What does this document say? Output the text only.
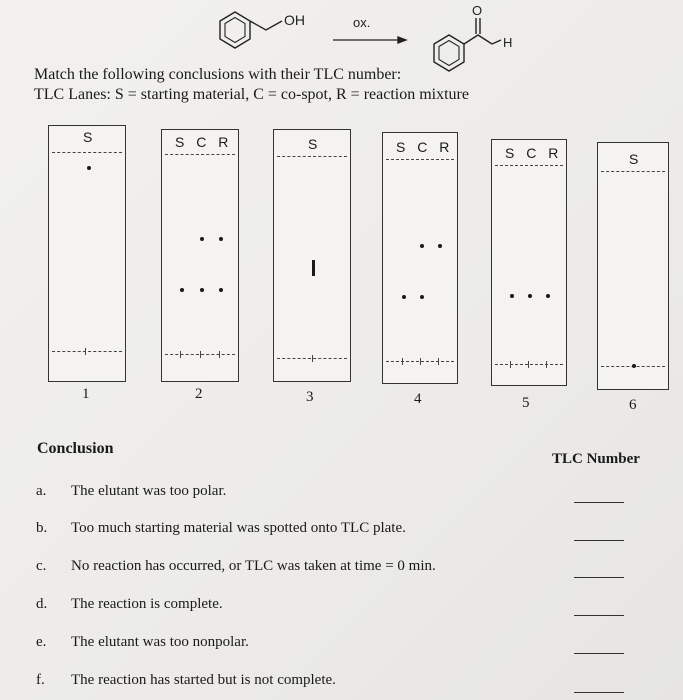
OH	ox.
O
H
Match the following conclusions with their TLC number:
TLC Lanes: S = starting material, C = co-spot, R = reaction mixture
S
1
S C R
2
S
3
S C R
4
S C R
5
S
6
Conclusion
TLC Number
a. The elutant was too polar.
b. Too much starting material was spotted onto TLC plate.
c. No reaction has occurred, or TLC was taken at time = 0 min.
d. The reaction is complete.
e. The elutant was too nonpolar.
f. The reaction has started but is not complete.
